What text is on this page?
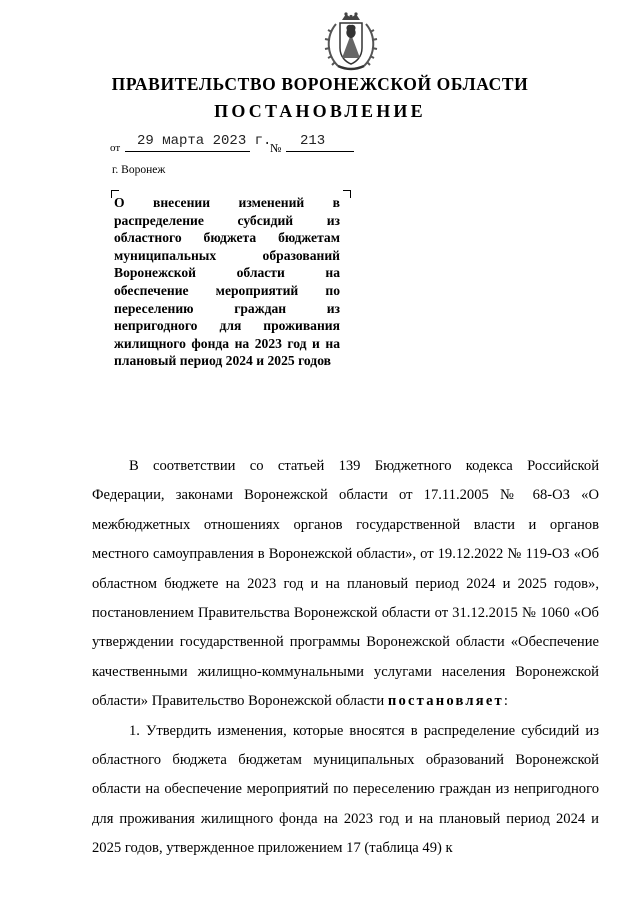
ПРАВИТЕЛЬСТВО ВОРОНЕЖСКОЙ ОБЛАСТИ
ПОСТАНОВЛЕНИЕ
от 29 марта 2023 г.
№ 213
г. Воронеж
О внесении изменений в распределение субсидий из областного бюджета бюджетам муниципальных образований Воронежской области на обеспечение мероприятий по переселению граждан из непригодного для проживания жилищного фонда на 2023 год и на плановый период 2024 и 2025 годов

В соответствии со статьей 139 Бюджетного кодекса Российской Федерации, законами Воронежской области от 17.11.2005 № 68-ОЗ «О межбюджетных отношениях органов государственной власти и органов местного самоуправления в Воронежской области», от 19.12.2022 № 119-ОЗ «Об областном бюджете на 2023 год и на плановый период 2024 и 2025 годов», постановлением Правительства Воронежской области от 31.12.2015 № 1060 «Об утверждении государственной программы Воронежской области «Обеспечение качественными жилищно-коммунальными услугами населения Воронежской области» Правительство Воронежской области постановляет:

1. Утвердить изменения, которые вносятся в распределение субсидий из областного бюджета бюджетам муниципальных образований Воронежской области на обеспечение мероприятий по переселению граждан из непригодного для проживания жилищного фонда на 2023 год и на плановый период 2024 и 2025 годов, утвержденное приложением 17 (таблица 49) к
